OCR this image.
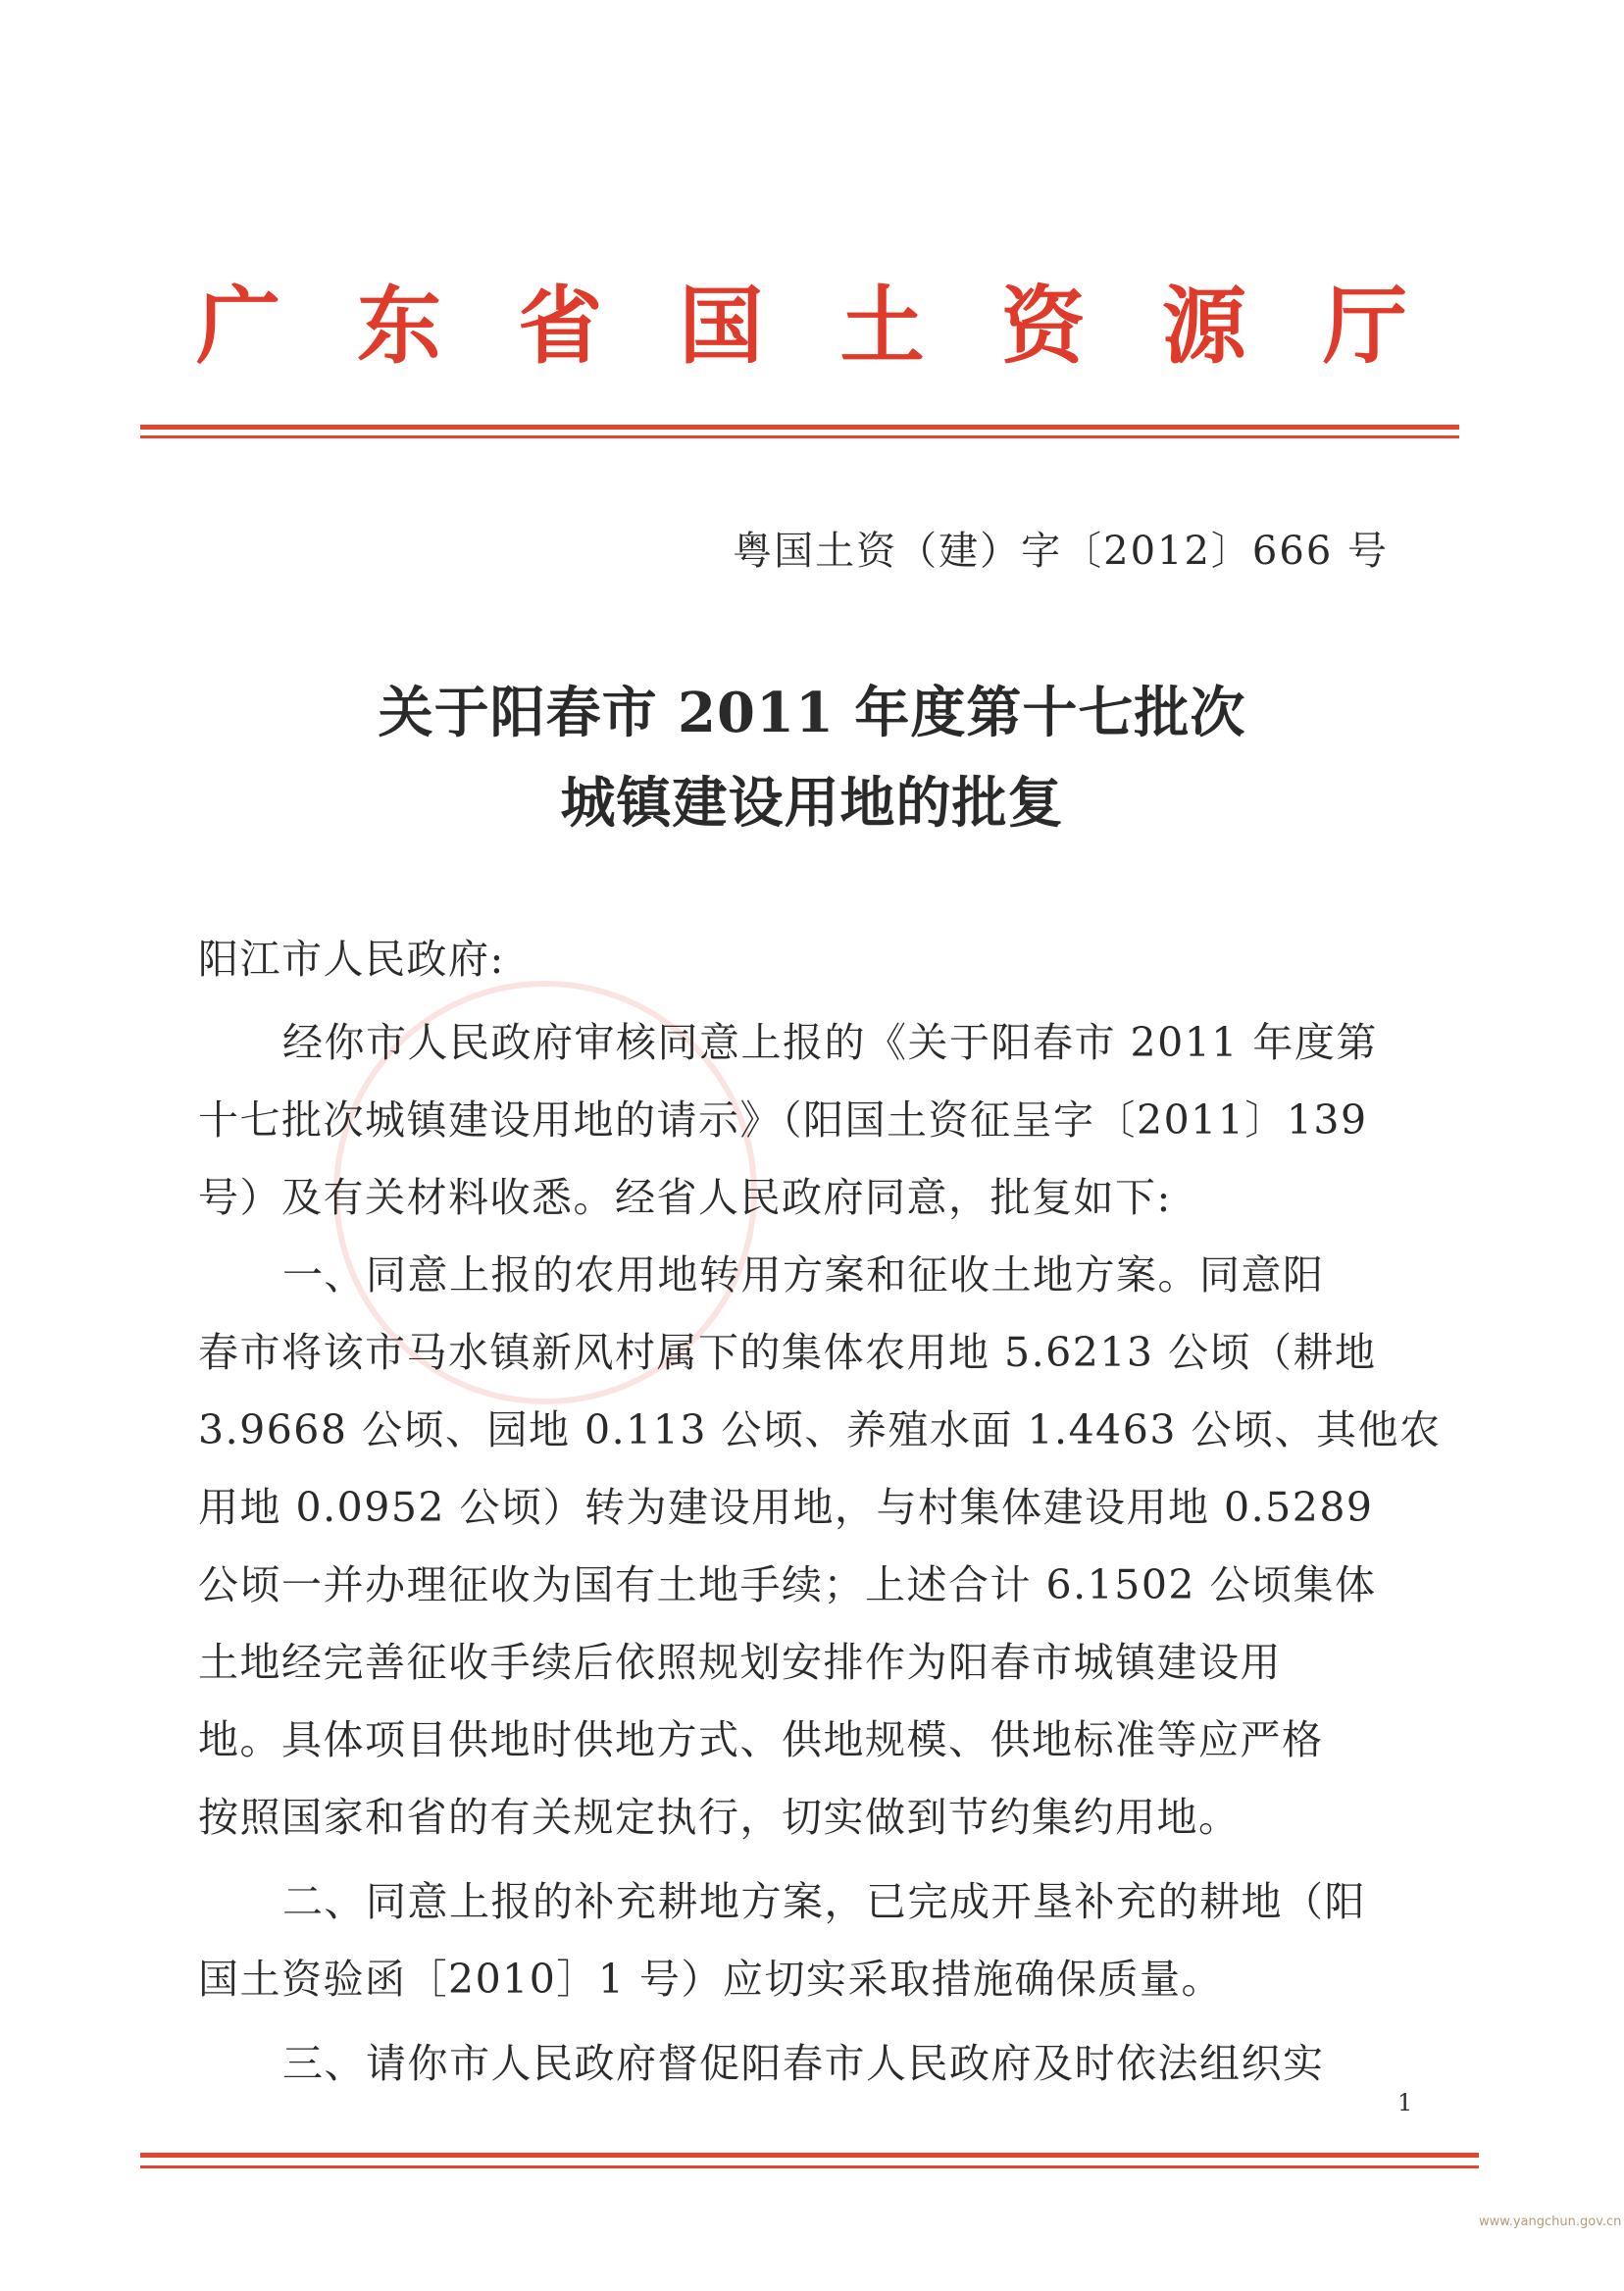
广 东 省 国 土 资 源 厅
粤国土资（建）字〔2012〕666 号
关于阳春市 2011 年度第十七批次
城镇建设用地的批复
阳江市人民政府:
经你市人民政府审核同意上报的《关于阳春市 2011 年度第
十七批次城镇建设用地的请示》（阳国土资征呈字〔2011〕139
号）及有关材料收悉。经省人民政府同意，批复如下:
一、同意上报的农用地转用方案和征收土地方案。同意阳
春市将该市马水镇新风村属下的集体农用地 5.6213 公顷（耕地
3.9668 公顷、园地 0.113 公顷、养殖水面 1.4463 公顷、其他农
用地 0.0952 公顷）转为建设用地，与村集体建设用地 0.5289
公顷一并办理征收为国有土地手续；上述合计 6.1502 公顷集体
土地经完善征收手续后依照规划安排作为阳春市城镇建设用
地。具体项目供地时供地方式、供地规模、供地标准等应严格
按照国家和省的有关规定执行，切实做到节约集约用地。
二、同意上报的补充耕地方案，已完成开垦补充的耕地（阳
国土资验函［2010］1 号）应切实采取措施确保质量。
三、请你市人民政府督促阳春市人民政府及时依法组织实
1
www.yangchun.gov.cn
